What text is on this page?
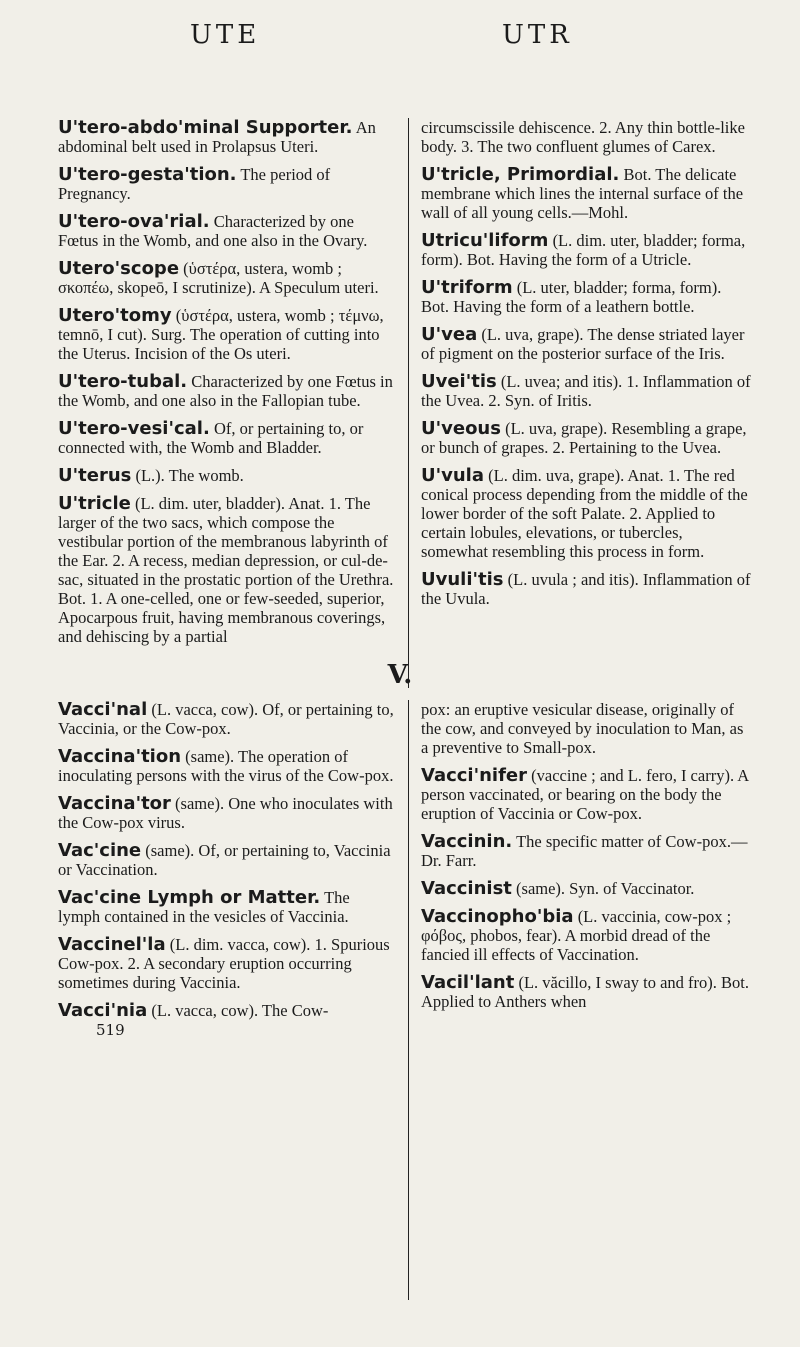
UTE	UTR
U'tero-abdo'minal Supporter. An abdominal belt used in Prolapsus Uteri.
U'tero-gesta'tion. The period of Pregnancy.
U'tero-ova'rial. Characterized by one Fœtus in the Womb, and one also in the Ovary.
Utero'scope (ὑστέρα, ustera, womb ; σκοπέω, skopeō, I scrutinize). A Speculum uteri.
Utero'tomy (ὑστέρα, ustera, womb ; τέμνω, temnō, I cut). Surg. The operation of cutting into the Uterus. Incision of the Os uteri.
U'tero-tubal. Characterized by one Fœtus in the Womb, and one also in the Fallopian tube.
U'tero-vesi'cal. Of, or pertaining to, or connected with, the Womb and Bladder.
U'terus (L.). The womb.
U'tricle (L. dim. uter, bladder). Anat. 1. The larger of the two sacs, which compose the vestibular portion of the membranous labyrinth of the Ear. 2. A recess, median depression, or cul-de-sac, situated in the prostatic portion of the Urethra. Bot. 1. A one-celled, one or few-seeded, superior, Apocarpous fruit, having membranous coverings, and dehiscing by a partial
circumscissile dehiscence. 2. Any thin bottle-like body. 3. The two confluent glumes of Carex.
U'tricle, Primordial. Bot. The delicate membrane which lines the internal surface of the wall of all young cells.—Mohl.
Utricu'liform (L. dim. uter, bladder; forma, form). Bot. Having the form of a Utricle.
U'triform (L. uter, bladder; forma, form). Bot. Having the form of a leathern bottle.
U'vea (L. uva, grape). The dense striated layer of pigment on the posterior surface of the Iris.
Uvei'tis (L. uvea; and itis). 1. Inflammation of the Uvea. 2. Syn. of Iritis.
U'veous (L. uva, grape). Resembling a grape, or bunch of grapes. 2. Pertaining to the Uvea.
U'vula (L. dim. uva, grape). Anat. 1. The red conical process depending from the middle of the lower border of the soft Palate. 2. Applied to certain lobules, elevations, or tubercles, somewhat resembling this process in form.
Uvuli'tis (L. uvula ; and itis). Inflammation of the Uvula.
V.
Vacci'nal (L. vacca, cow). Of, or pertaining to, Vaccinia, or the Cow-pox.
Vaccina'tion (same). The operation of inoculating persons with the virus of the Cow-pox.
Vaccina'tor (same). One who inoculates with the Cow-pox virus.
Vac'cine (same). Of, or pertaining to, Vaccinia or Vaccination.
Vac'cine Lymph or Matter. The lymph contained in the vesicles of Vaccinia.
Vaccinel'la (L. dim. vacca, cow). 1. Spurious Cow-pox. 2. A secondary eruption occurring sometimes during Vaccinia.
Vacci'nia (L. vacca, cow). The Cow-
519
pox: an eruptive vesicular disease, originally of the cow, and conveyed by inoculation to Man, as a preventive to Small-pox.
Vacci'nifer (vaccine ; and L. fero, I carry). A person vaccinated, or bearing on the body the eruption of Vaccinia or Cow-pox.
Vaccinin. The specific matter of Cow-pox.—Dr. Farr.
Vaccinist (same). Syn. of Vaccinator.
Vaccinopho'bia (L. vaccinia, cow-pox ; φόβος, phobos, fear). A morbid dread of the fancied ill effects of Vaccination.
Vacil'lant (L. văcillo, I sway to and fro). Bot. Applied to Anthers when
